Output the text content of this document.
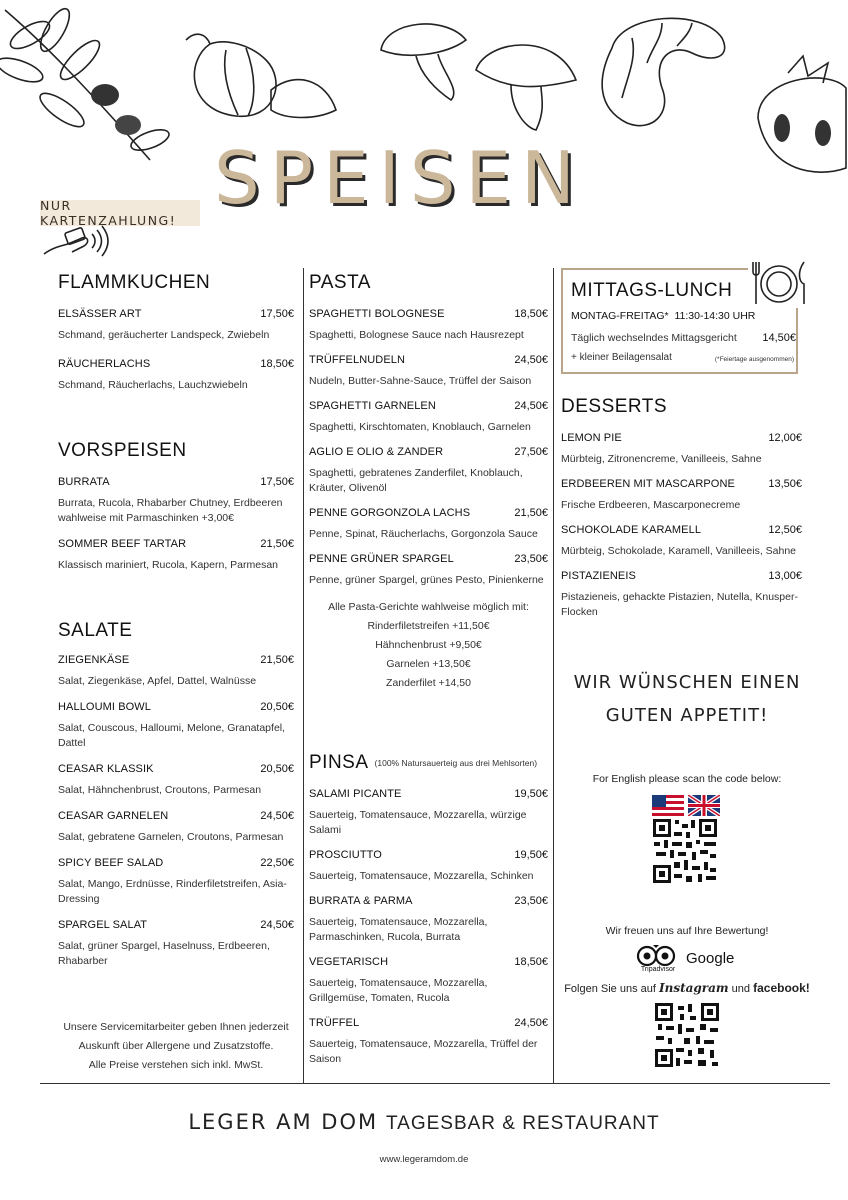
SPEISEN
NUR KARTENZAHLUNG!
FLAMMKUCHEN
ELSÄSSER ART	17,50€
Schmand, geräucherter Landspeck, Zwiebeln
RÄUCHERLACHS	18,50€
Schmand, Räucherlachs, Lauchzwiebeln
VORSPEISEN
BURRATA	17,50€
Burrata, Rucola, Rhabarber Chutney, Erdbeeren wahlweise mit Parmaschinken +3,00€
SOMMER BEEF TARTAR	21,50€
Klassisch mariniert, Rucola, Kapern, Parmesan
SALATE
ZIEGENKÄSE	21,50€
Salat, Ziegenkäse, Apfel, Dattel, Walnüsse
HALLOUMI BOWL	20,50€
Salat, Couscous, Halloumi, Melone, Granatapfel, Dattel
CEASAR KLASSIK	20,50€
Salat, Hähnchenbrust, Croutons, Parmesan
CEASAR GARNELEN	24,50€
Salat, gebratene Garnelen, Croutons, Parmesan
SPICY BEEF SALAD	22,50€
Salat, Mango, Erdnüsse, Rinderfiletstreifen, Asia-Dressing
SPARGEL SALAT	24,50€
Salat, grüner Spargel, Haselnuss, Erdbeeren, Rhabarber
Unsere Servicemitarbeiter geben Ihnen jederzeit
Auskunft über Allergene und Zusatzstoffe.
Alle Preise verstehen sich inkl. MwSt.
PASTA
SPAGHETTI BOLOGNESE	18,50€
Spaghetti, Bolognese Sauce nach Hausrezept
TRÜFFELNUDELN	24,50€
Nudeln, Butter-Sahne-Sauce, Trüffel der Saison
SPAGHETTI GARNELEN	24,50€
Spaghetti, Kirschtomaten, Knoblauch, Garnelen
AGLIO E OLIO & ZANDER	27,50€
Spaghetti, gebratenes Zanderfilet, Knoblauch, Kräuter, Olivenöl
PENNE GORGONZOLA LACHS	21,50€
Penne, Spinat, Räucherlachs, Gorgonzola Sauce
PENNE GRÜNER SPARGEL	23,50€
Penne, grüner Spargel, grünes Pesto, Pinienkerne
Alle Pasta-Gerichte wahlweise möglich mit:
Rinderfiletstreifen +11,50€
Hähnchenbrust +9,50€
Garnelen +13,50€
Zanderfilet +14,50
PINSA (100% Natursauerteig aus drei Mehlsorten)
SALAMI PICANTE	19,50€
Sauerteig, Tomatensauce, Mozzarella, würzige Salami
PROSCIUTTO	19,50€
Sauerteig, Tomatensauce, Mozzarella, Schinken
BURRATA & PARMA	23,50€
Sauerteig, Tomatensauce, Mozzarella, Parmaschinken, Rucola, Burrata
VEGETARISCH	18,50€
Sauerteig, Tomatensauce, Mozzarella, Grillgemüse, Tomaten, Rucola
TRÜFFEL	24,50€
Sauerteig, Tomatensauce, Mozzarella, Trüffel der Saison
MITTAGS-LUNCH
MONTAG-FREITAG* 11:30-14:30 UHR
Täglich wechselndes Mittagsgericht 14,50€
+ kleiner Beilagensalat	(*Feiertage ausgenommen)
DESSERTS
LEMON PIE	12,00€
Mürbteig, Zitronencreme, Vanilleeis, Sahne
ERDBEEREN MIT MASCARPONE	13,50€
Frische Erdbeeren, Mascarponecreme
SCHOKOLADE KARAMELL	12,50€
Mürbteig, Schokolade, Karamell, Vanilleeis, Sahne
PISTAZIENEIS	13,00€
Pistazieneis, gehackte Pistazien, Nutella, Knusper-Flocken
WIR WÜNSCHEN EINEN
GUTEN APPETIT!
For English please scan the code below:
Wir freuen uns auf Ihre Bewertung!
Tripadvisor
Google
Folgen Sie uns auf Instagram und facebook!
LEGER AM DOM TAGESBAR & RESTAURANT
www.legeramdom.de
